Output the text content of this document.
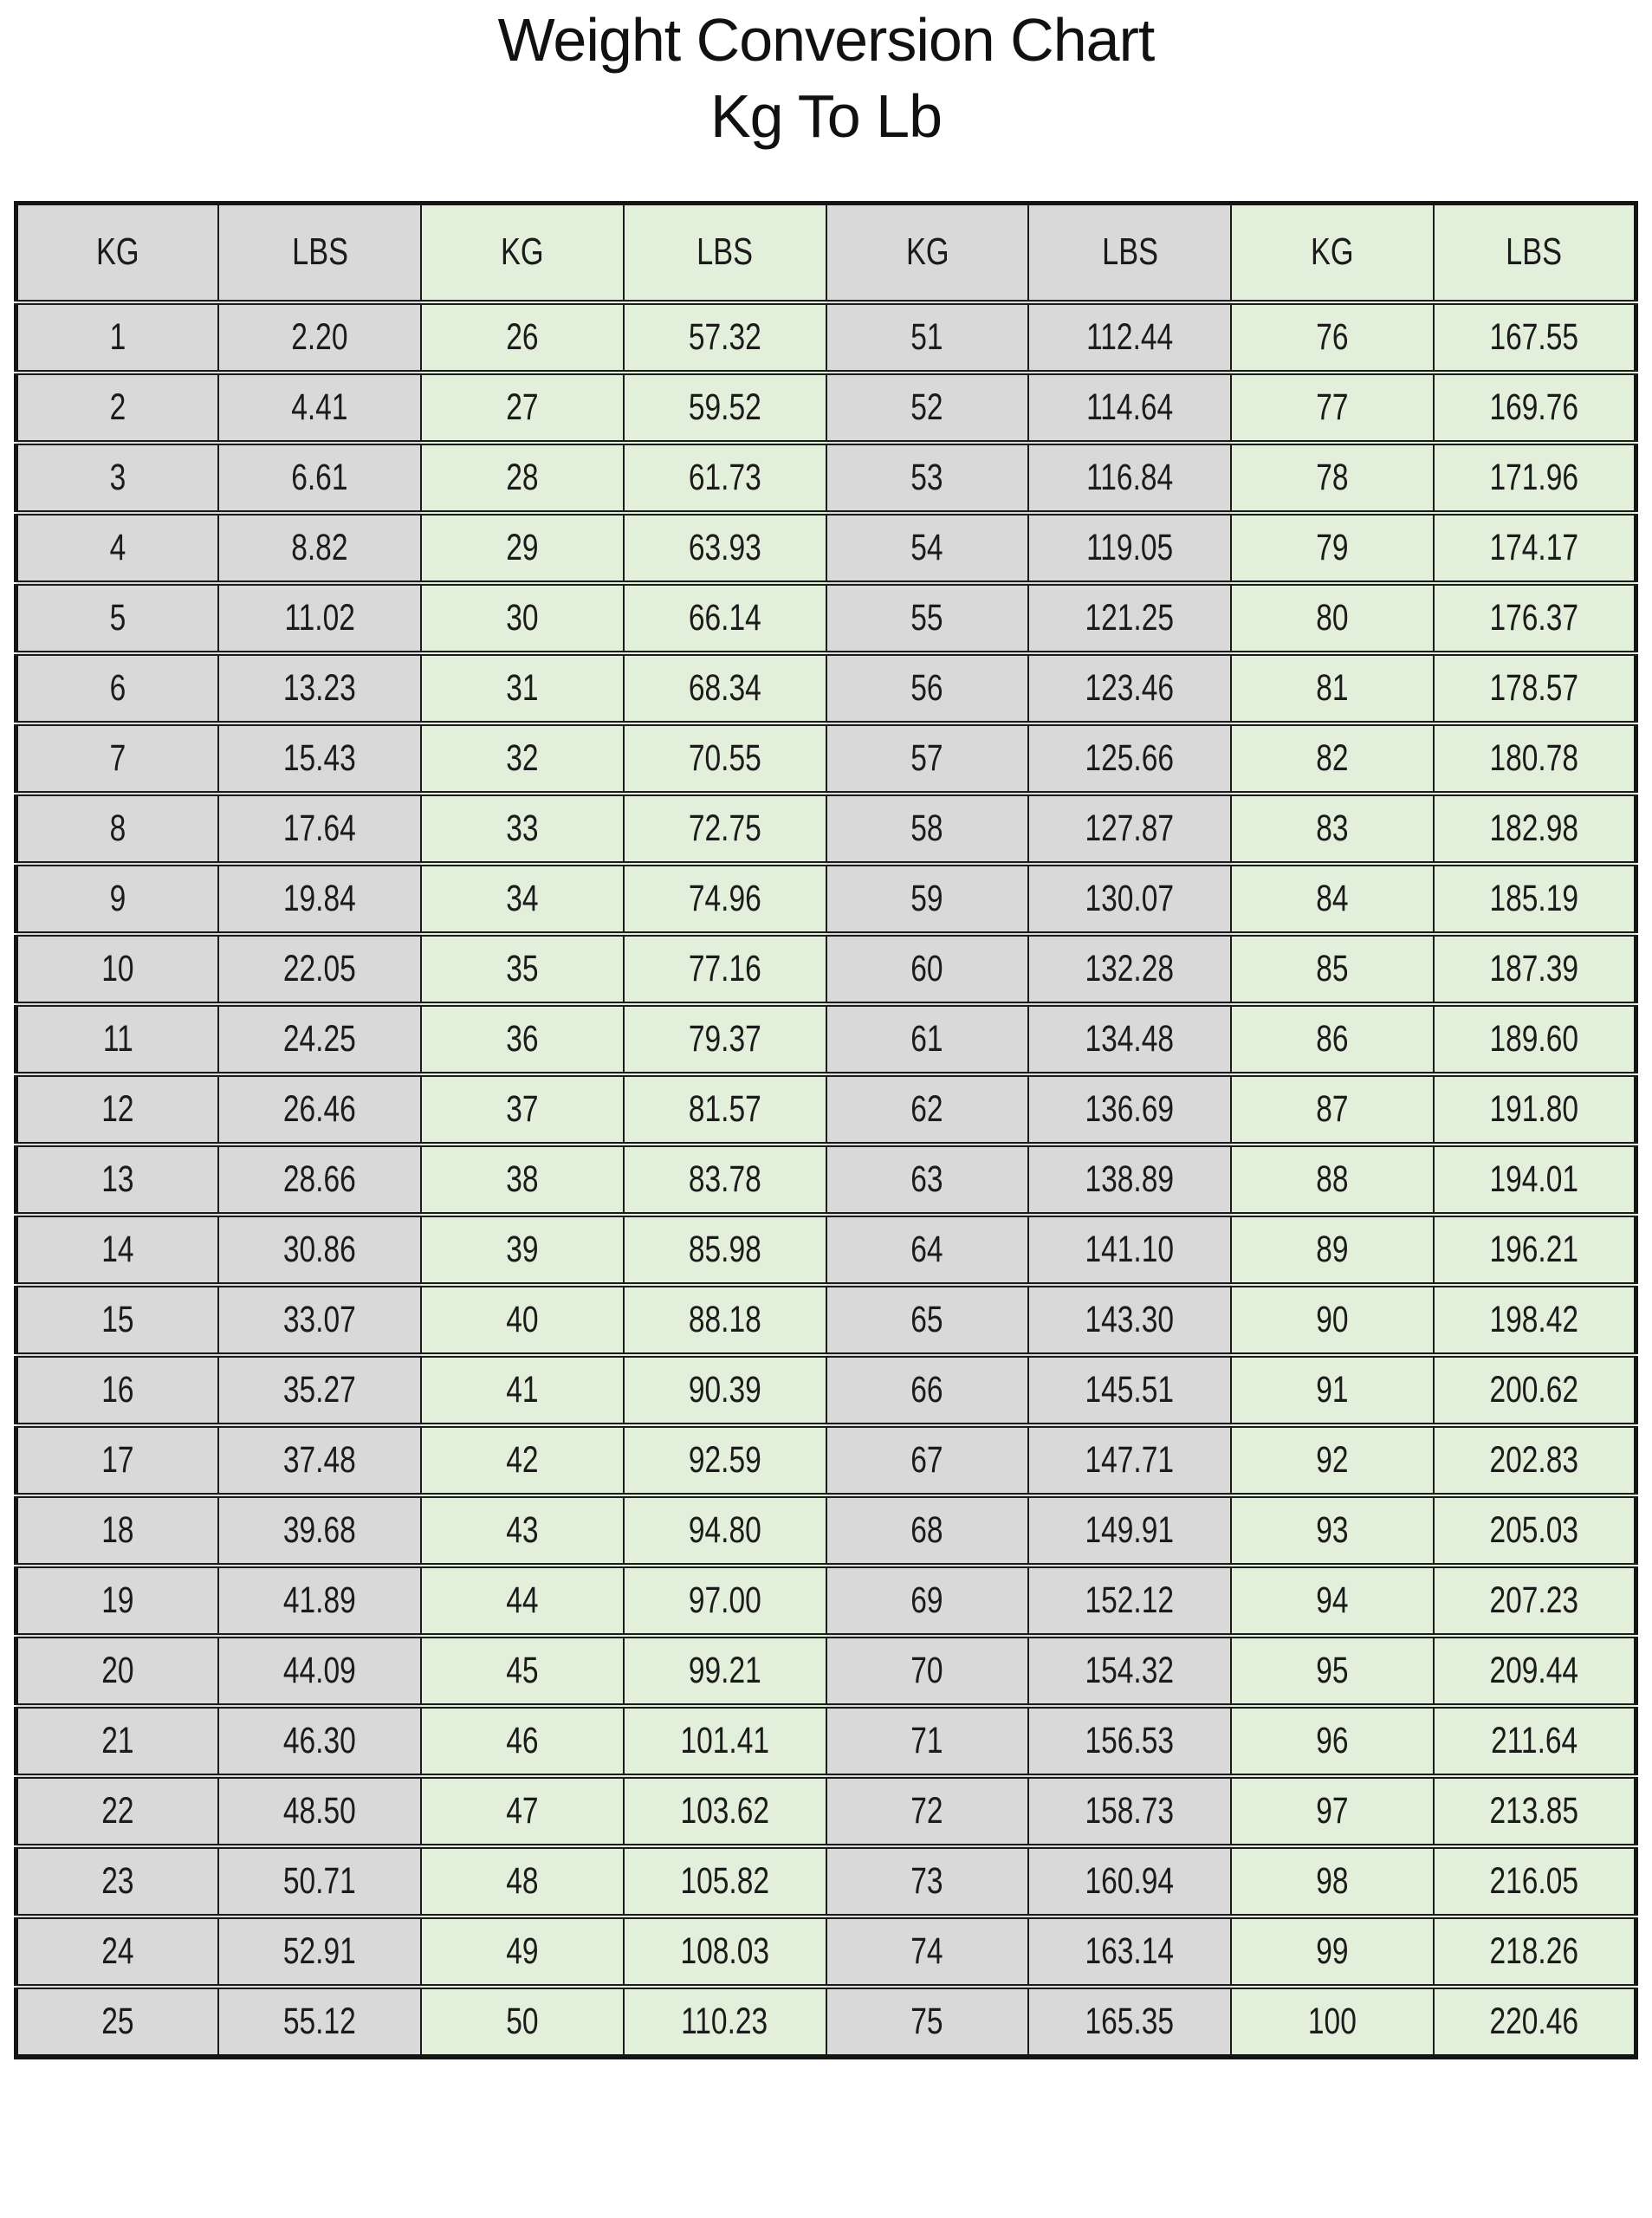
Weight Conversion Chart
Kg To Lb
KG	LBS	KG	LBS	KG	LBS	KG	LBS
1	2.20	26	57.32	51	112.44	76	167.55
2	4.41	27	59.52	52	114.64	77	169.76
3	6.61	28	61.73	53	116.84	78	171.96
4	8.82	29	63.93	54	119.05	79	174.17
5	11.02	30	66.14	55	121.25	80	176.37
6	13.23	31	68.34	56	123.46	81	178.57
7	15.43	32	70.55	57	125.66	82	180.78
8	17.64	33	72.75	58	127.87	83	182.98
9	19.84	34	74.96	59	130.07	84	185.19
10	22.05	35	77.16	60	132.28	85	187.39
11	24.25	36	79.37	61	134.48	86	189.60
12	26.46	37	81.57	62	136.69	87	191.80
13	28.66	38	83.78	63	138.89	88	194.01
14	30.86	39	85.98	64	141.10	89	196.21
15	33.07	40	88.18	65	143.30	90	198.42
16	35.27	41	90.39	66	145.51	91	200.62
17	37.48	42	92.59	67	147.71	92	202.83
18	39.68	43	94.80	68	149.91	93	205.03
19	41.89	44	97.00	69	152.12	94	207.23
20	44.09	45	99.21	70	154.32	95	209.44
21	46.30	46	101.41	71	156.53	96	211.64
22	48.50	47	103.62	72	158.73	97	213.85
23	50.71	48	105.82	73	160.94	98	216.05
24	52.91	49	108.03	74	163.14	99	218.26
25	55.12	50	110.23	75	165.35	100	220.46
